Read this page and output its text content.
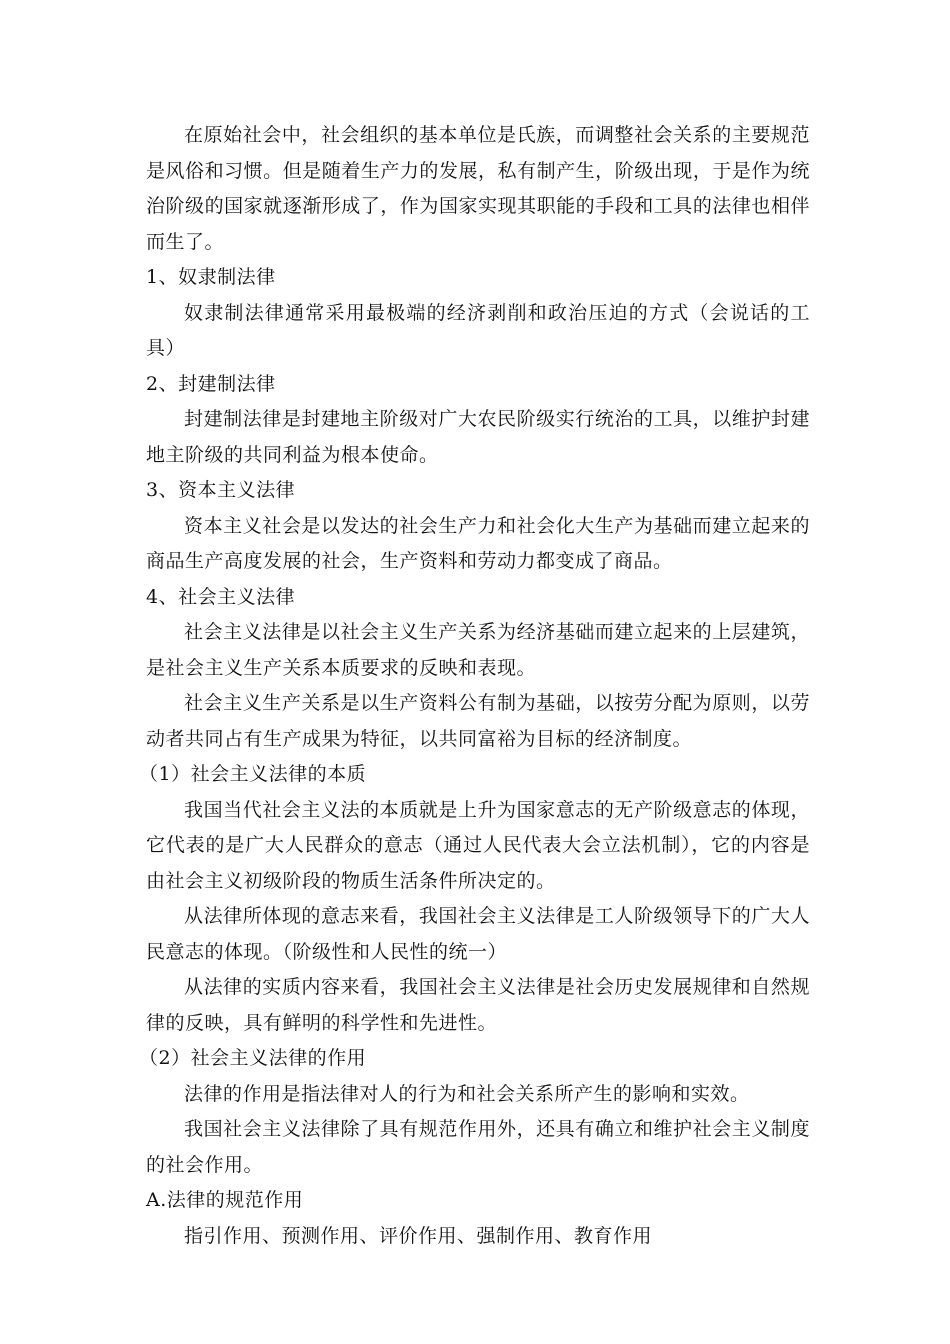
在原始社会中，社会组织的基本单位是氏族，而调整社会关系的主要规范是风俗和习惯。但是随着生产力的发展，私有制产生，阶级出现，于是作为统治阶级的国家就逐渐形成了，作为国家实现其职能的手段和工具的法律也相伴而生了。

1、奴隶制法律

奴隶制法律通常采用最极端的经济剥削和政治压迫的方式（会说话的工具）

2、封建制法律

封建制法律是封建地主阶级对广大农民阶级实行统治的工具，以维护封建地主阶级的共同利益为根本使命。

3、资本主义法律

资本主义社会是以发达的社会生产力和社会化大生产为基础而建立起来的商品生产高度发展的社会，生产资料和劳动力都变成了商品。

4、社会主义法律

社会主义法律是以社会主义生产关系为经济基础而建立起来的上层建筑，是社会主义生产关系本质要求的反映和表现。

社会主义生产关系是以生产资料公有制为基础，以按劳分配为原则，以劳动者共同占有生产成果为特征，以共同富裕为目标的经济制度。

（1）社会主义法律的本质

我国当代社会主义法的本质就是上升为国家意志的无产阶级意志的体现，它代表的是广大人民群众的意志（通过人民代表大会立法机制），它的内容是由社会主义初级阶段的物质生活条件所决定的。

从法律所体现的意志来看，我国社会主义法律是工人阶级领导下的广大人民意志的体现。（阶级性和人民性的统一）

从法律的实质内容来看，我国社会主义法律是社会历史发展规律和自然规律的反映，具有鲜明的科学性和先进性。

（2）社会主义法律的作用

法律的作用是指法律对人的行为和社会关系所产生的影响和实效。

我国社会主义法律除了具有规范作用外，还具有确立和维护社会主义制度的社会作用。

A.法律的规范作用

指引作用、预测作用、评价作用、强制作用、教育作用
